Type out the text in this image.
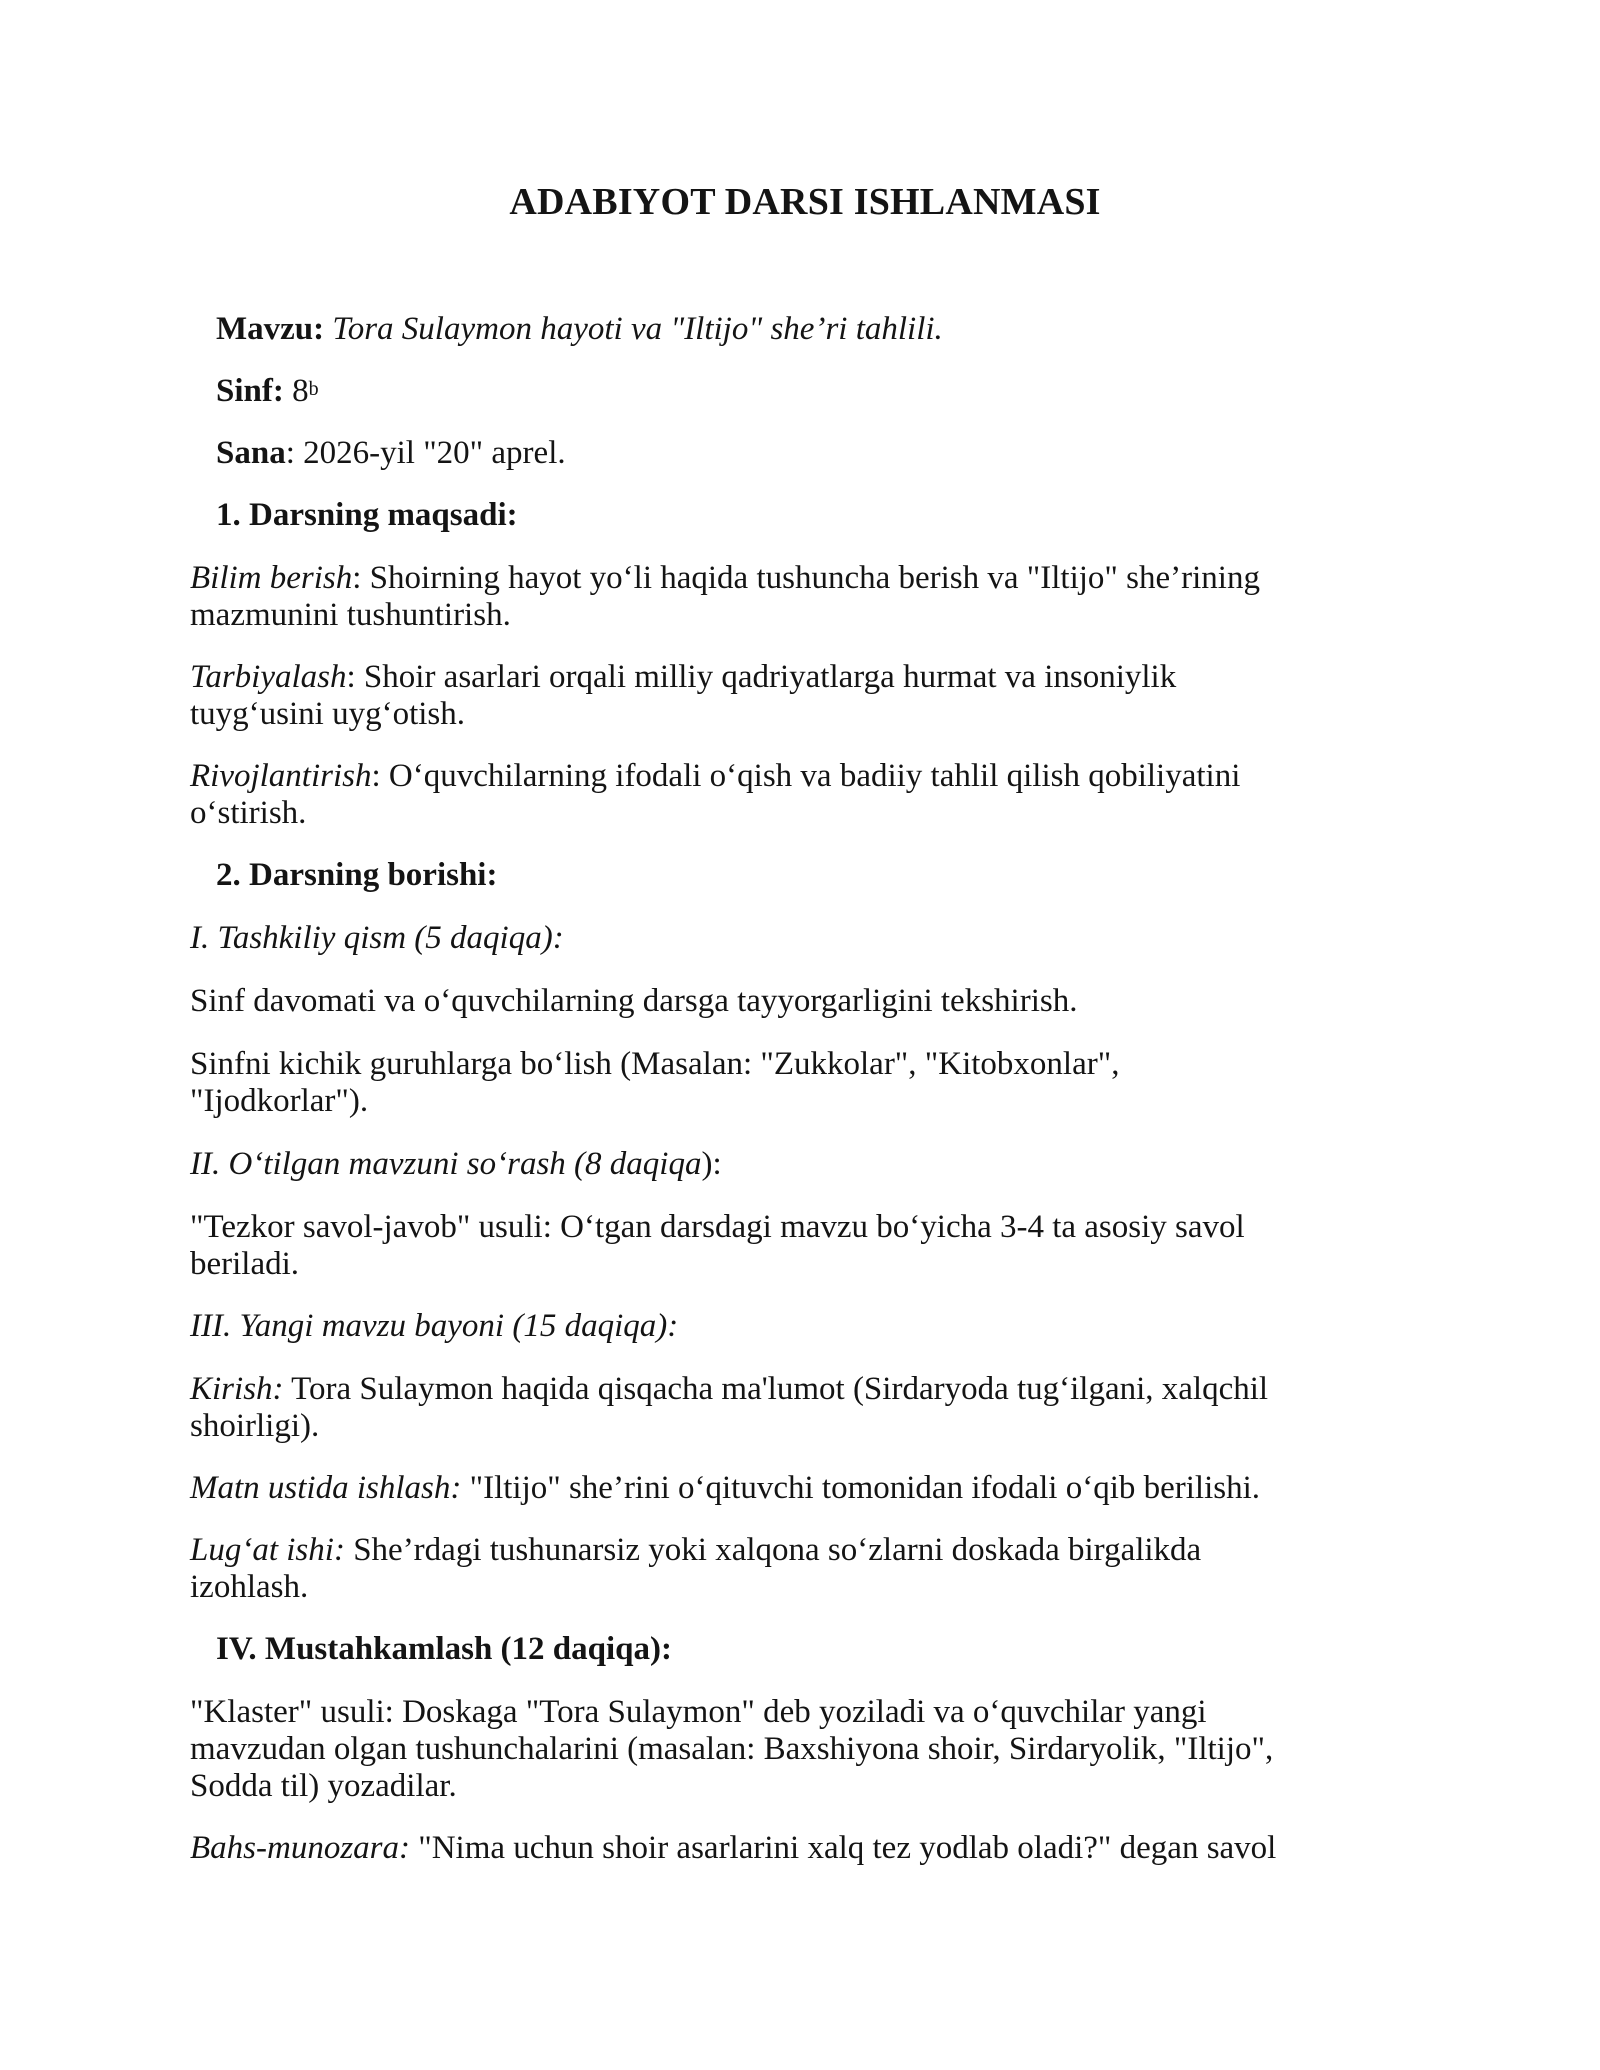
ADABIYOT DARSI ISHLANMASI
Mavzu: Tora Sulaymon hayoti va "Iltijo" she’ri tahlili.
Sinf: 8$^b$
Sana: 2026-yil "20" aprel.
1. Darsning maqsadi:
Bilim berish: Shoirning hayot yo‘li haqida tushuncha berish va "Iltijo" she’rining
mazmunini tushuntirish.
Tarbiyalash: Shoir asarlari orqali milliy qadriyatlarga hurmat va insoniylik
tuyg‘usini uyg‘otish.
Rivojlantirish: O‘quvchilarning ifodali o‘qish va badiiy tahlil qilish qobiliyatini
o‘stirish.
2. Darsning borishi:
I. Tashkiliy qism (5 daqiqa):
Sinf davomati va o‘quvchilarning darsga tayyorgarligini tekshirish.
Sinfni kichik guruhlarga bo‘lish (Masalan: "Zukkolar", "Kitobxonlar",
"Ijodkorlar").
II. O‘tilgan mavzuni so‘rash (8 daqiqa):
"Tezkor savol-javob" usuli: O‘tgan darsdagi mavzu bo‘yicha 3-4 ta asosiy savol
beriladi.
III. Yangi mavzu bayoni (15 daqiqa):
Kirish: Tora Sulaymon haqida qisqacha ma'lumot (Sirdaryoda tug‘ilgani, xalqchil
shoirligi).
Matn ustida ishlash: "Iltijo" she’rini o‘qituvchi tomonidan ifodali o‘qib berilishi.
Lug‘at ishi: She’rdagi tushunarsiz yoki xalqona so‘zlarni doskada birgalikda
izohlash.
IV. Mustahkamlash (12 daqiqa):
"Klaster" usuli: Doskaga "Tora Sulaymon" deb yoziladi va o‘quvchilar yangi
mavzudan olgan tushunchalarini (masalan: Baxshiyona shoir, Sirdaryolik, "Iltijo",
Sodda til) yozadilar.
Bahs-munozara: "Nima uchun shoir asarlarini xalq tez yodlab oladi?" degan savol
